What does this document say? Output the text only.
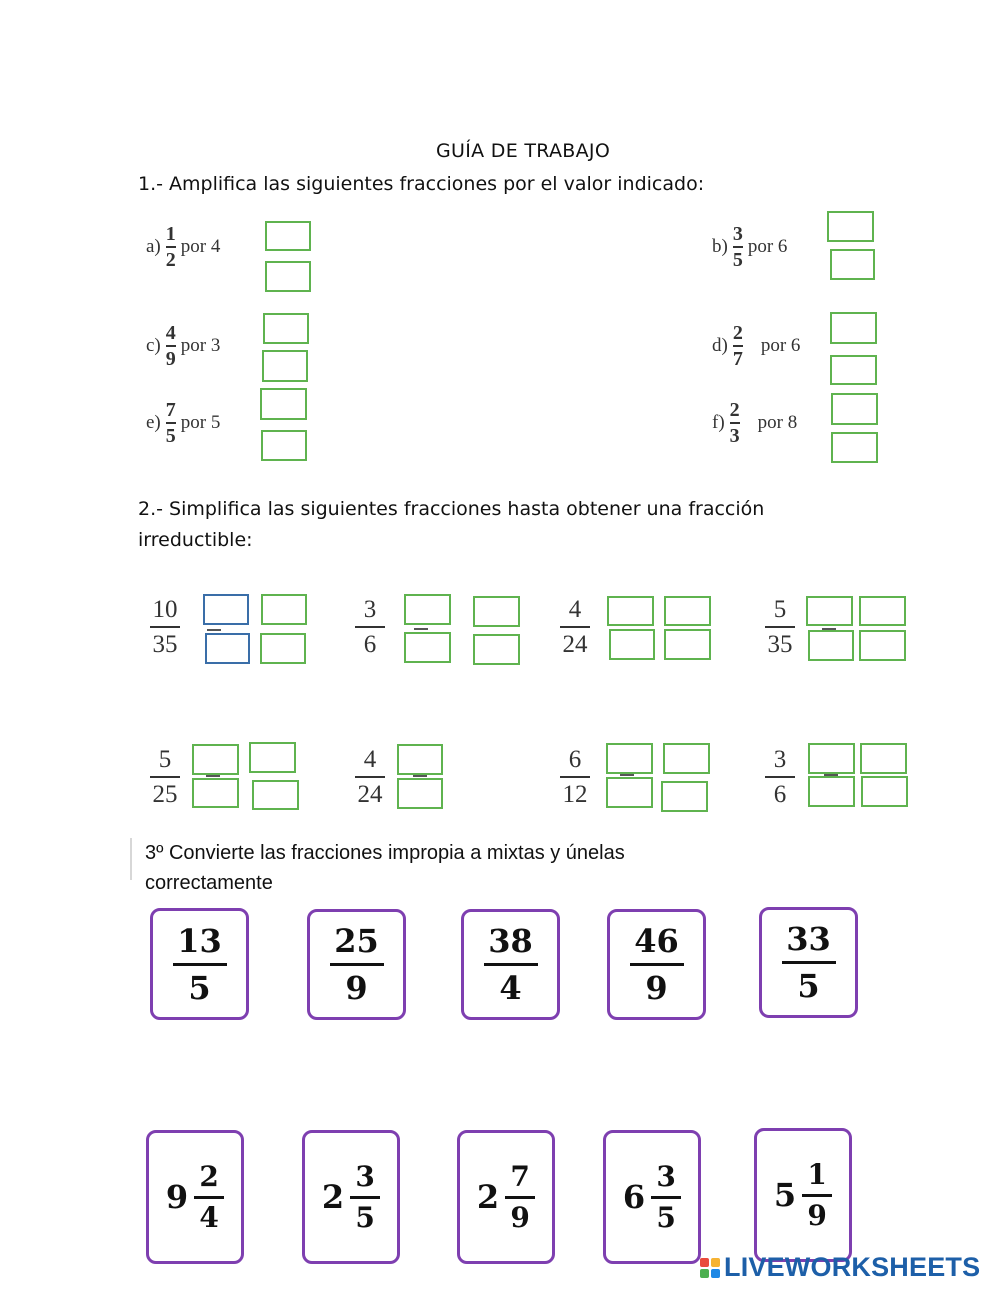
GUÍA DE TRABAJO
1.- Amplifica las siguientes fracciones por el valor indicado:
$a) \frac{1}{2}$ por 4	$b) \frac{3}{5}$ por 6
$c) \frac{4}{9}$ por 3	$d) \frac{2}{7}$ por 6
$e) \frac{7}{5}$ por 5	$f) \frac{2}{3}$ por 8
2.- Simplifica las siguientes fracciones hasta obtener una fracción
irreductible:
$\frac{10}{35}$	$\frac{3}{6}$	$\frac{4}{24}$	$\frac{5}{35}$
$\frac{5}{25}$	$\frac{4}{24}$	$\frac{6}{12}$	$\frac{3}{6}$
3º Convierte las fracciones impropia a mixtas y únelas
correctamente
$\frac{13}{5}$	$\frac{25}{9}$	$\frac{38}{4}$	$\frac{46}{9}$	$\frac{33}{5}$
$9 \frac{2}{4}$	$2 \frac{3}{5}$	$2 \frac{7}{9}$	$6 \frac{3}{5}$	$5 \frac{1}{9}$
LIVEWORKSHEETS
